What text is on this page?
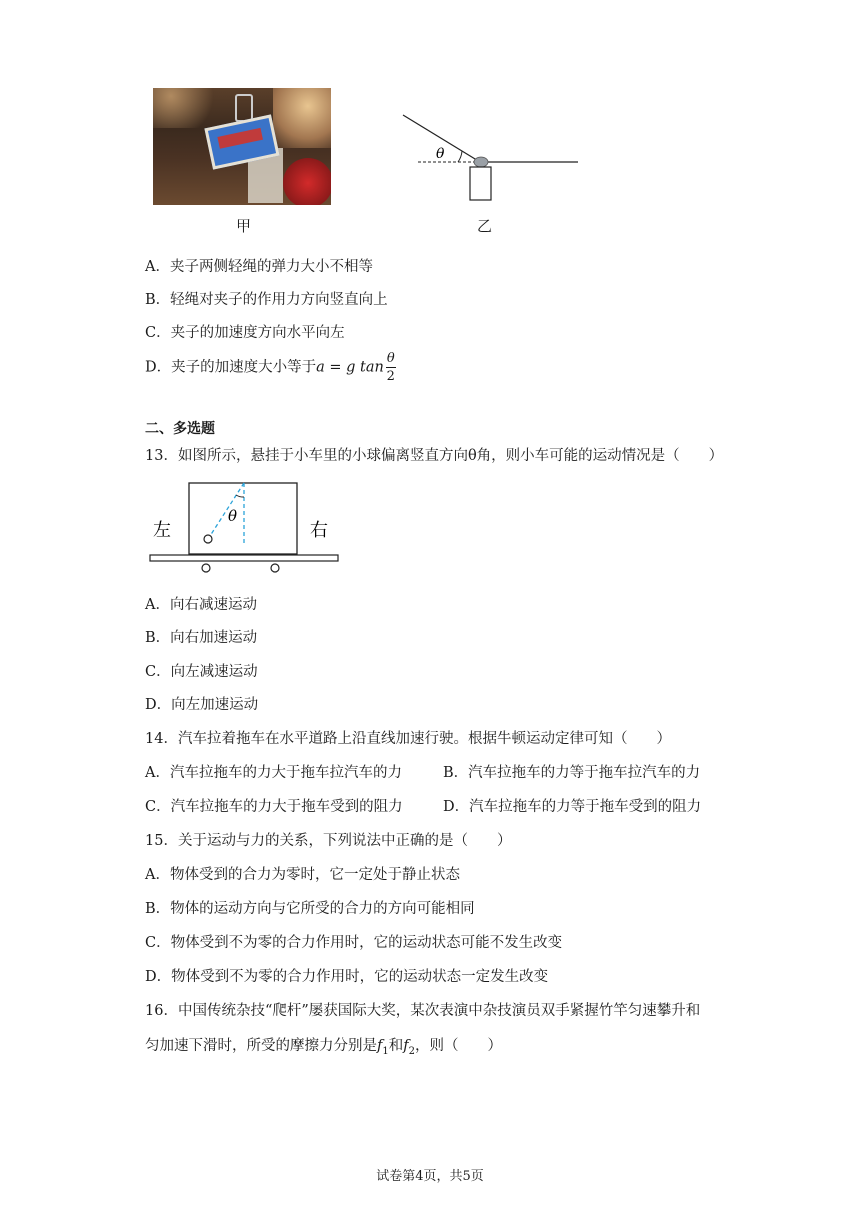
甲
θ
乙
A．夹子两侧轻绳的弹力大小不相等
B．轻绳对夹子的作用力方向竖直向上
C．夹子的加速度方向水平向左
D．夹子的加速度大小等于a = g $\tan \frac{\theta}{2}$
二、多选题
13．如图所示，悬挂于小车里的小球偏离竖直方向θ角，则小车可能的运动情况是（　　）
θ
左	右
A．向右减速运动
B．向右加速运动
C．向左减速运动
D．向左加速运动
14．汽车拉着拖车在水平道路上沿直线加速行驶。根据牛顿运动定律可知（　　）
A．汽车拉拖车的力大于拖车拉汽车的力	B．汽车拉拖车的力等于拖车拉汽车的力
C．汽车拉拖车的力大于拖车受到的阻力	D．汽车拉拖车的力等于拖车受到的阻力
15．关于运动与力的关系，下列说法中正确的是（　　）
A．物体受到的合力为零时，它一定处于静止状态
B．物体的运动方向与它所受的合力的方向可能相同
C．物体受到不为零的合力作用时，它的运动状态可能不发生改变
D．物体受到不为零的合力作用时，它的运动状态一定发生改变
16．中国传统杂技“爬杆”屡获国际大奖，某次表演中杂技演员双手紧握竹竿匀速攀升和
匀加速下滑时，所受的摩擦力分别是$f_1$和$f_2$，则（　　）
试卷第4页，共5页
